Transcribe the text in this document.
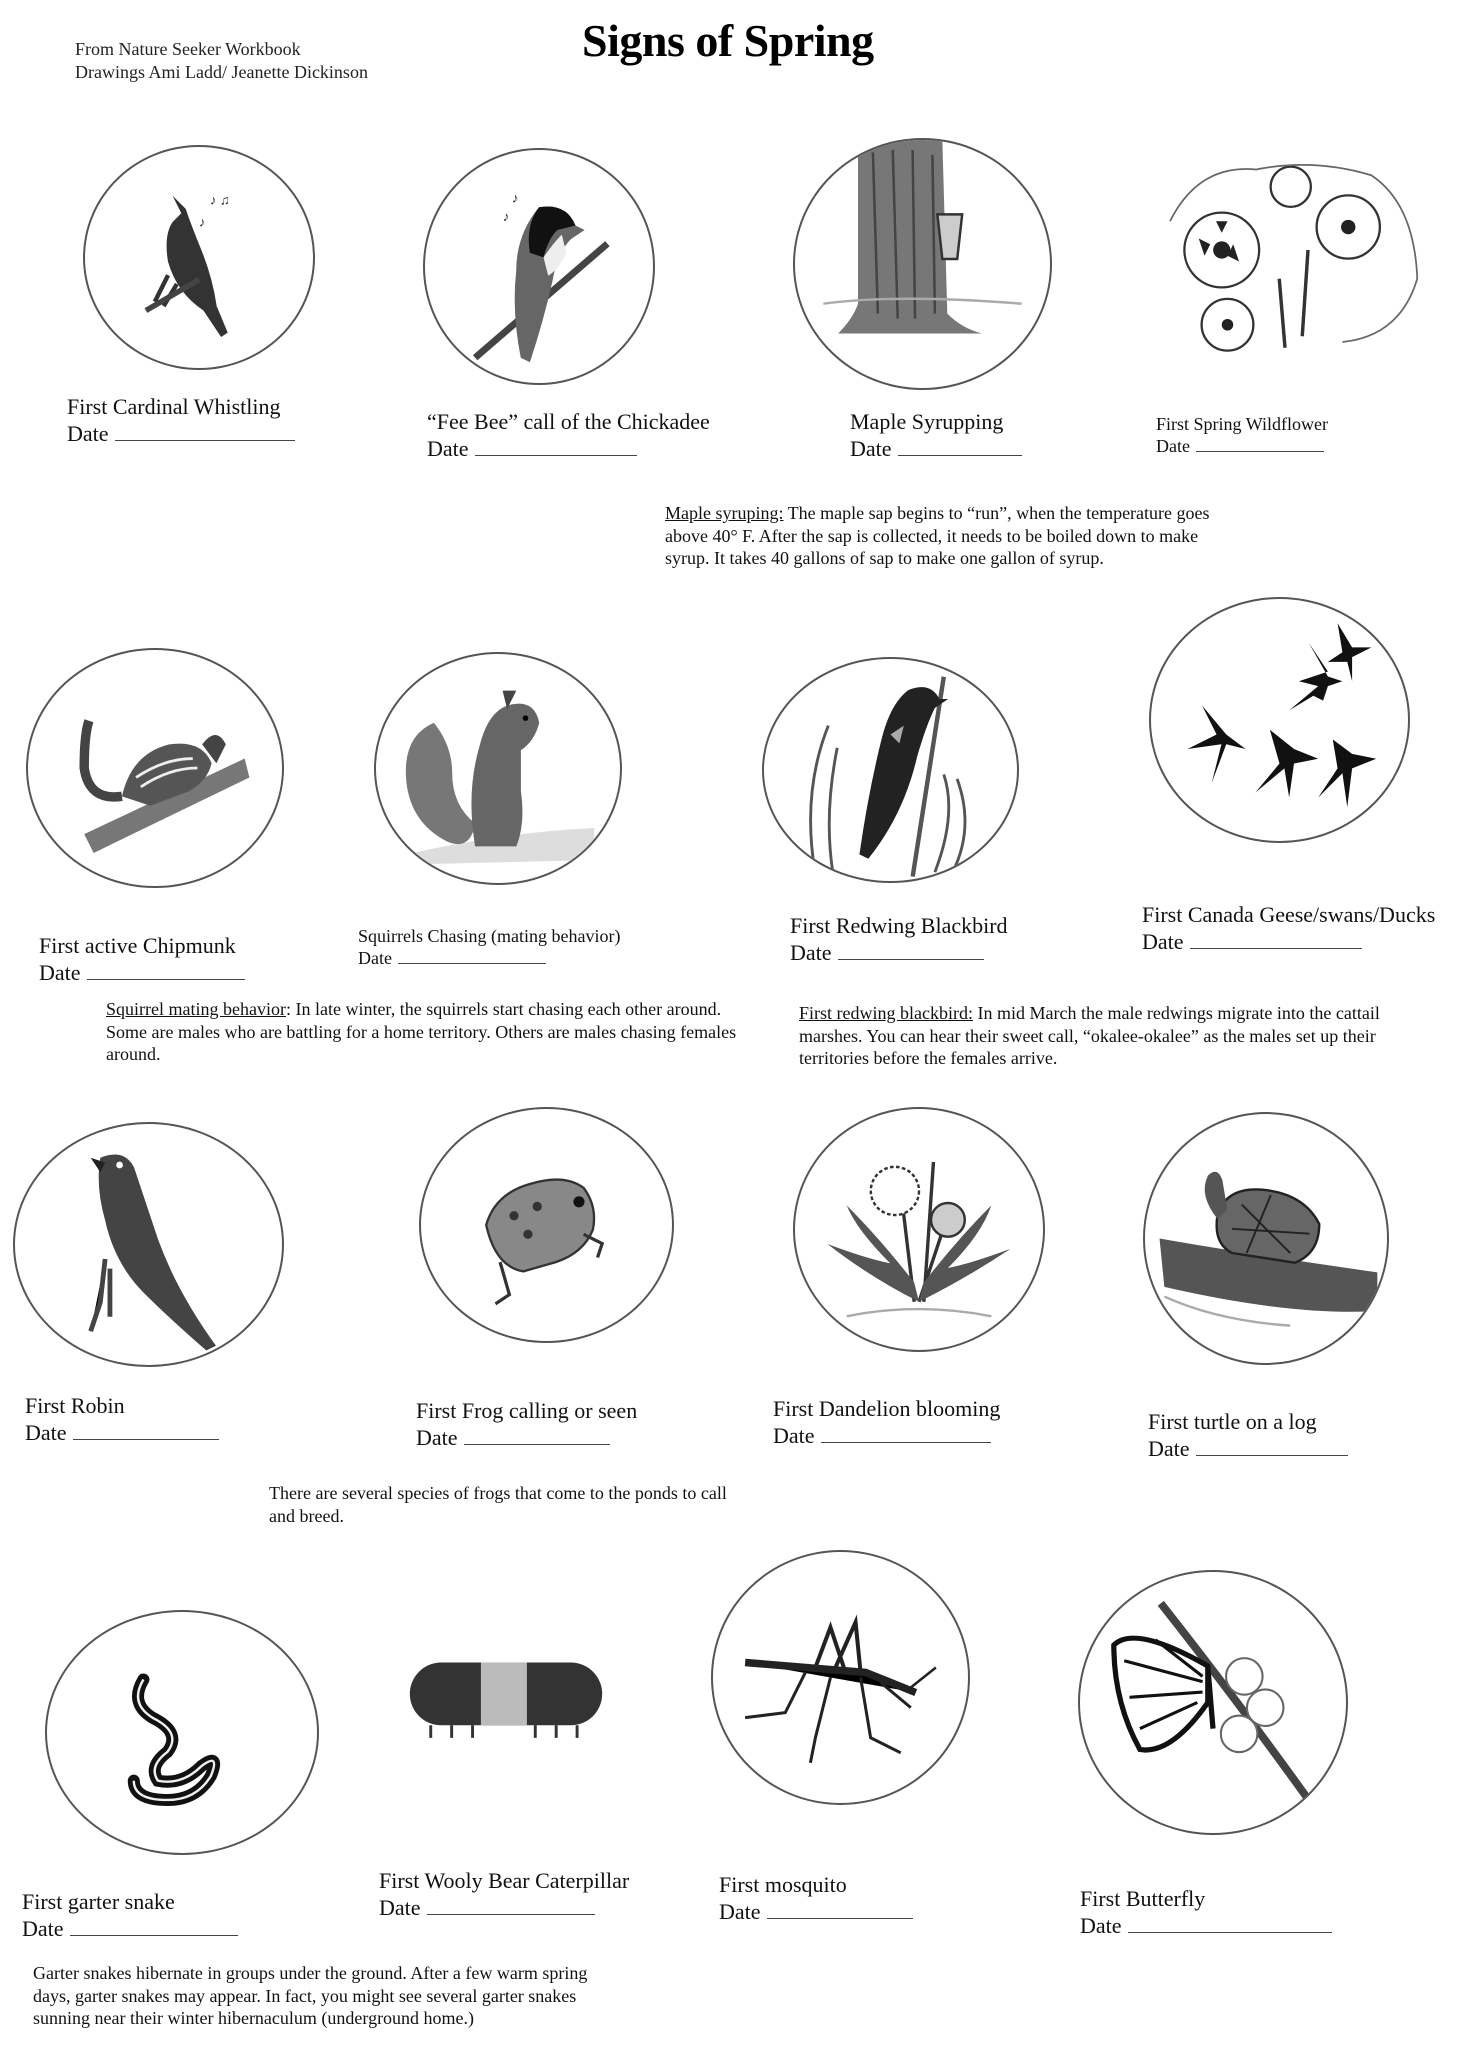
From Nature Seeker Workbook
Drawings Ami Ladd/ Jeanette Dickinson
Signs of Spring
♪ ♫
♪
First Cardinal Whistling
Date
♪
♪
“Fee Bee” call of the Chickadee
Date
Maple Syrupping
Date
First Spring Wildflower
Date
Maple syruping: The maple sap begins to “run”, when the temperature goes above 40° F. After the sap is collected, it needs to be boiled down to make syrup. It takes 40 gallons of sap to make one gallon of syrup.
First active Chipmunk
Date
Squirrels Chasing (mating behavior)
Date
First Redwing Blackbird
Date
First Canada Geese/swans/Ducks
Date
Squirrel mating behavior: In late winter, the squirrels start chasing each other around. Some are males who are battling for a home territory. Others are males chasing females around.
First redwing blackbird: In mid March the male redwings migrate into the cattail marshes. You can hear their sweet call, “okalee-okalee” as the males set up their territories before the females arrive.
First Robin
Date
First Frog calling or seen
Date
First Dandelion blooming
Date
First turtle on a log
Date
There are several species of frogs that come to the ponds to call and breed.
First garter snake
Date
First Wooly Bear Caterpillar
Date
First mosquito
Date
First Butterfly
Date
Garter snakes hibernate in groups under the ground. After a few warm spring days, garter snakes may appear. In fact, you might see several garter snakes sunning near their winter hibernaculum (underground home.)
